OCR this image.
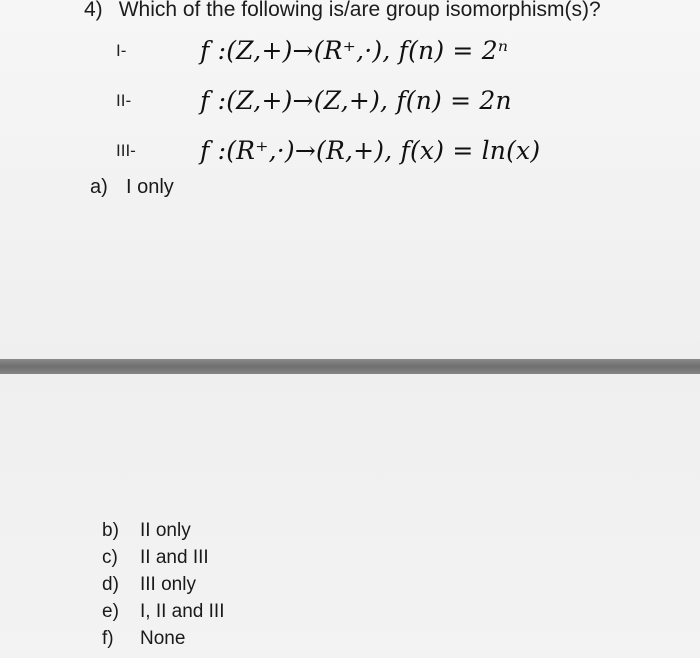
4) Which of the following is/are group isomorphism(s)?
I-	f :(Z,+)→(R⁺,·), f(n) = 2ⁿ
II-	f :(Z,+)→(Z,+), f(n) = 2n
III-	f :(R⁺,·)→(R,+), f(x) = ln(x)
a) I only
b) II only
c) II and III
d) III only
e) I, II and III
f) None
